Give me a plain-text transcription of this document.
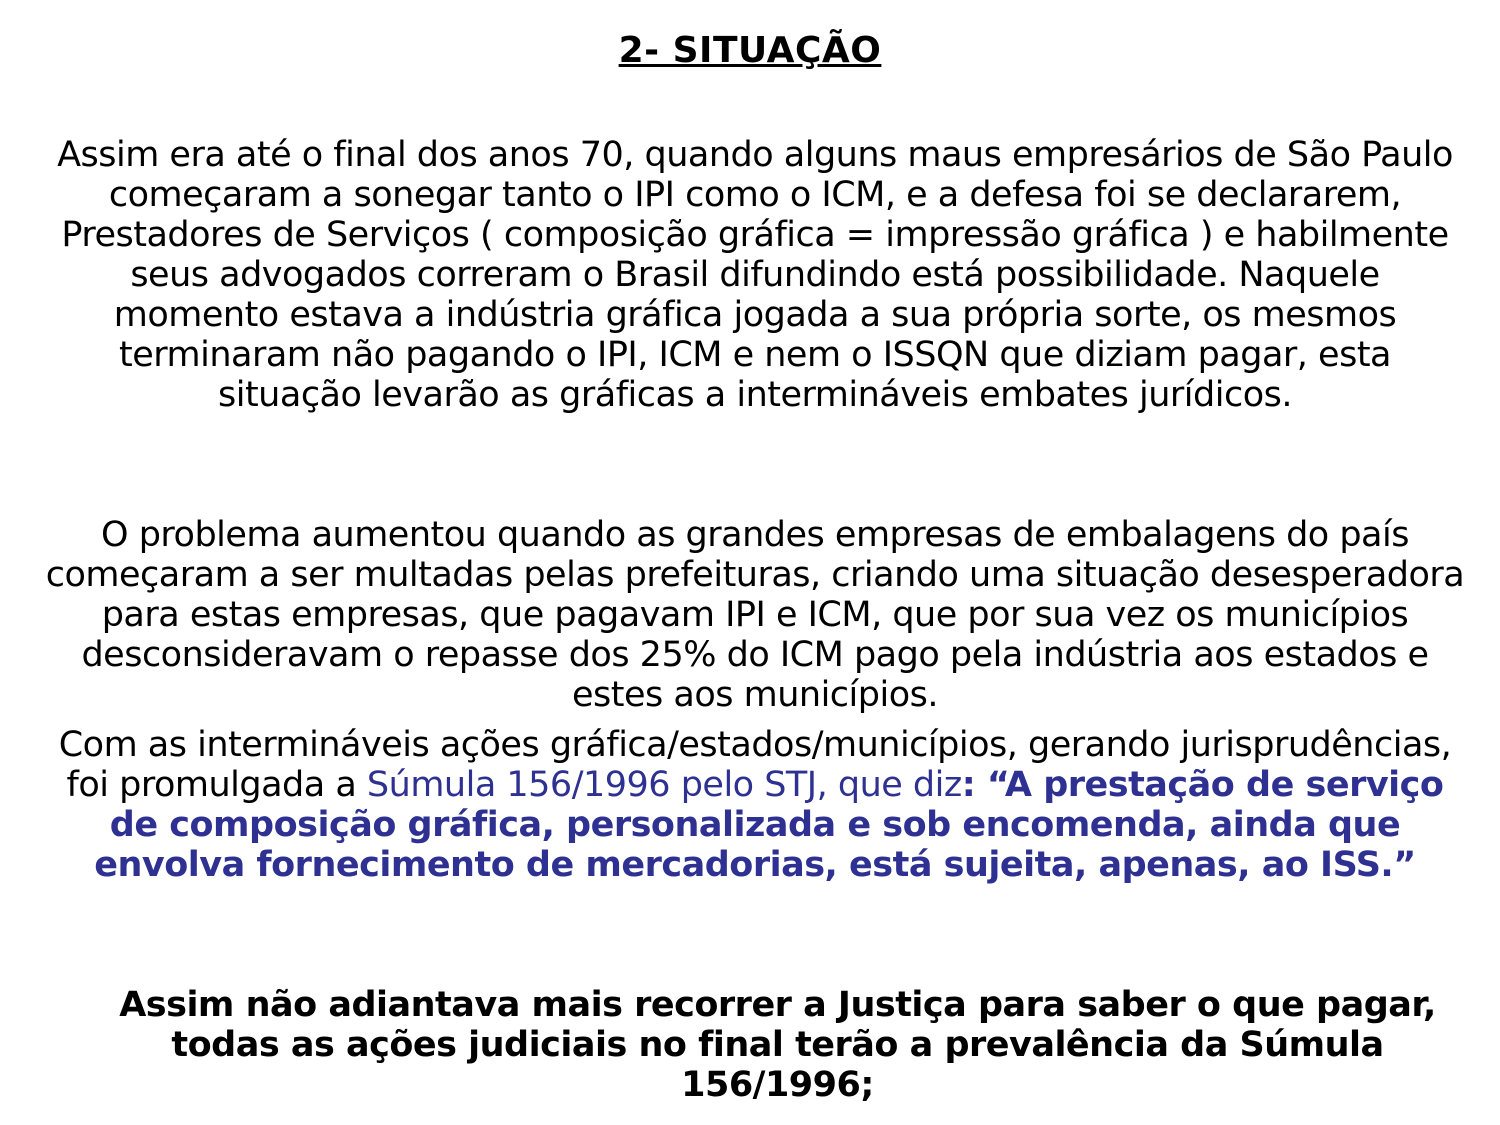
2- SITUAÇÃO
Assim era até o final dos anos 70, quando alguns maus empresários de São Paulo começaram a sonegar tanto o IPI como o ICM, e a defesa foi se declararem, Prestadores de Serviços ( composição gráfica = impressão gráfica ) e habilmente seus advogados correram o Brasil difundindo está possibilidade. Naquele momento estava a indústria gráfica jogada a sua própria sorte, os mesmos terminaram não pagando o IPI, ICM e nem o ISSQN que diziam pagar, esta situação levarão as gráficas a intermináveis embates jurídicos.
O problema aumentou quando as grandes empresas de embalagens do país começaram a ser multadas pelas prefeituras, criando uma situação desesperadora para estas empresas, que pagavam IPI e ICM, que por sua vez os municípios desconsideravam o repasse dos 25% do ICM pago pela indústria aos estados e estes aos municípios.
Com as intermináveis ações gráfica/estados/municípios, gerando jurisprudências, foi promulgada a Súmula 156/1996 pelo STJ, que diz: “A prestação de serviço de composição gráfica, personalizada e sob encomenda, ainda que envolva fornecimento de mercadorias, está sujeita, apenas, ao ISS.”
Assim não adiantava mais recorrer a Justiça para saber o que pagar, todas as ações judiciais no final terão a prevalência da Súmula 156/1996;
